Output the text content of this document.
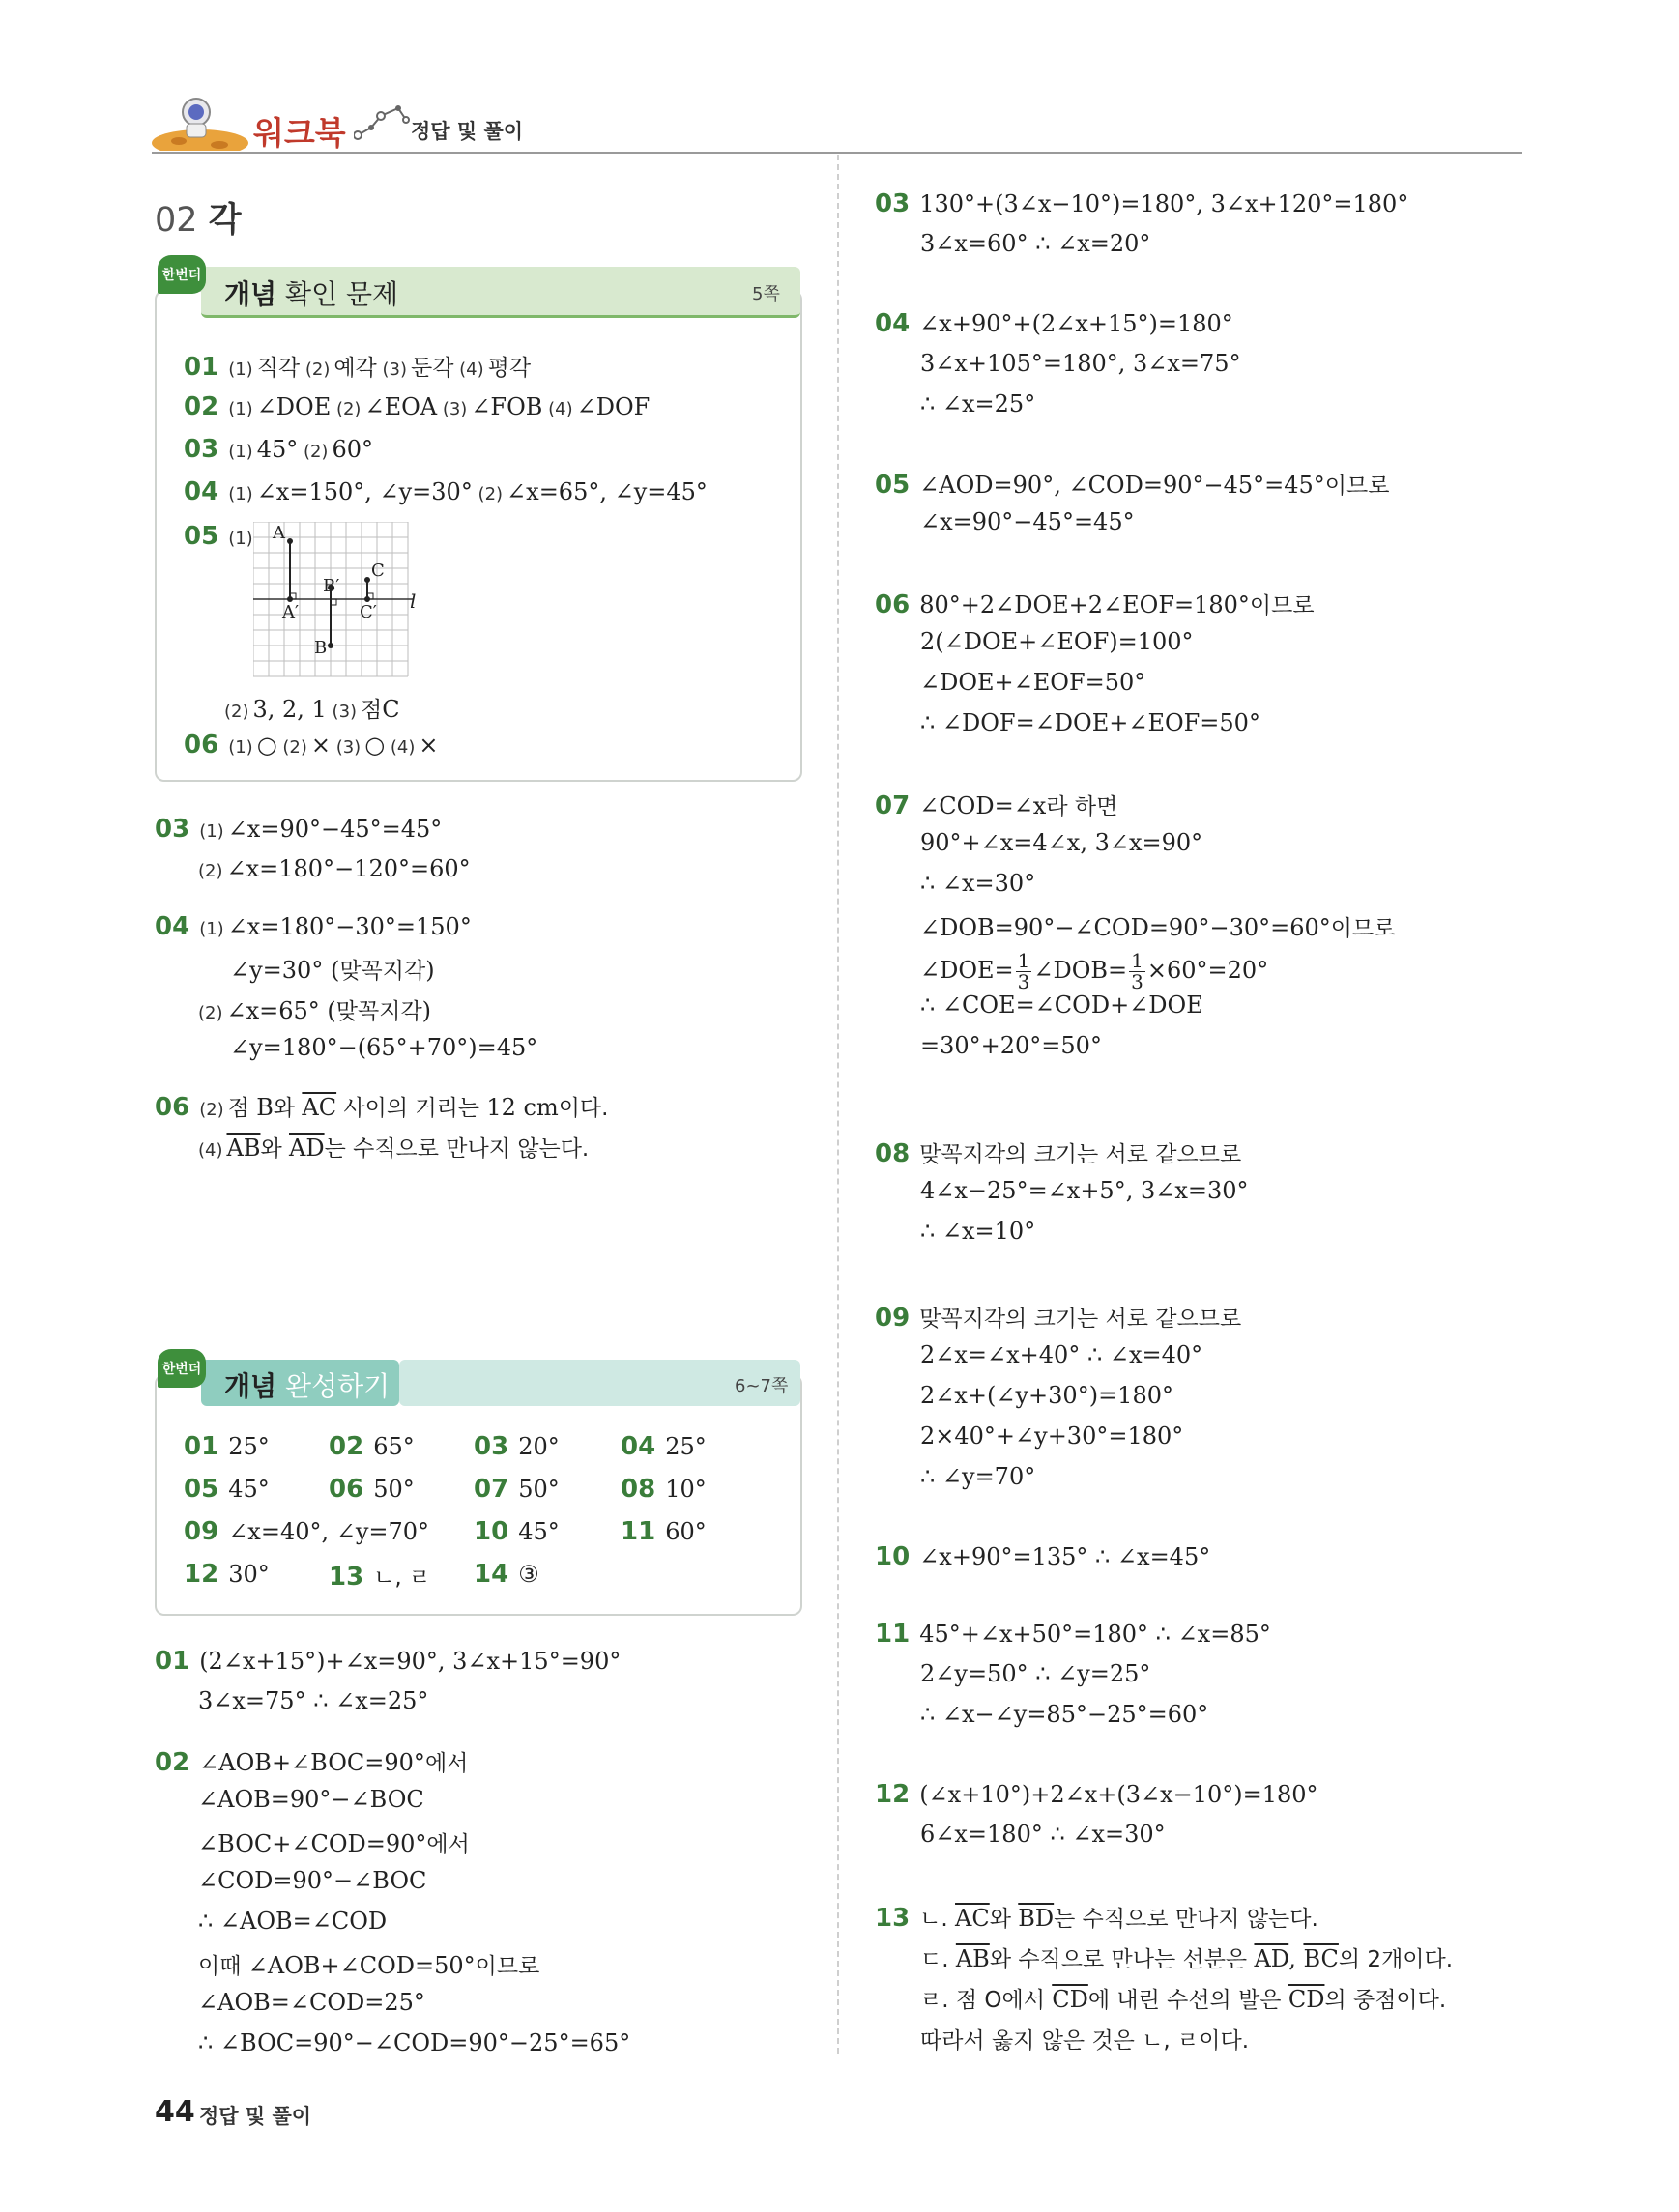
워크북	정답 및 풀이
02 각
한번더
개념 확인 문제	5쪽
01 (1) 직각 (2) 예각 (3) 둔각 (4) 평각
02 (1) ∠DOE (2) ∠EOA (3) ∠FOB (4) ∠DOF
03 (1) 45° (2) 60°
04 (1) ∠x=150°, ∠y=30° (2) ∠x=65°, ∠y=45°
05 (1) A
A′
B′
B
C
C′ l
(2) 3, 2, 1 (3) 점C
06 (1) ○ (2) × (3) ○ (4) ×
03 (1) ∠x=90°−45°=45°
(2) ∠x=180°−120°=60°
04 (1) ∠x=180°−30°=150°
∠y=30° (맞꼭지각)
(2) ∠x=65° (맞꼭지각)
∠y=180°−(65°+70°)=45°
06 (2) 점 B와 $\overline{AC}$ 사이의 거리는 12 cm이다.
(4) $\overline{AB}$와 $\overline{AD}$는 수직으로 만나지 않는다.
한번더
개념 완성하기	6~7쪽
01 25° 02 65° 03 20° 04 25°
05 45° 06 50° 07 50° 08 10°
09 ∠x=40°, ∠y=70° 10 45° 11 60°
12 30° 13 ㄴ, ㄹ 14 ③
01 (2∠x+15°)+∠x=90°, 3∠x+15°=90°
3∠x=75° ∴ ∠x=25°
02 ∠AOB+∠BOC=90°에서
∠AOB=90°−∠BOC
∠BOC+∠COD=90°에서
∠COD=90°−∠BOC
∴ ∠AOB=∠COD
이때 ∠AOB+∠COD=50°이므로
∠AOB=∠COD=25°
∴ ∠BOC=90°−∠COD=90°−25°=65°
03 130°+(3∠x−10°)=180°, 3∠x+120°=180°
3∠x=60° ∴ ∠x=20°
04 ∠x+90°+(2∠x+15°)=180°
3∠x+105°=180°, 3∠x=75°
∴ ∠x=25°
05 ∠AOD=90°, ∠COD=90°−45°=45°이므로
∠x=90°−45°=45°
06 80°+2∠DOE+2∠EOF=180°이므로
2(∠DOE+∠EOF)=100°
∠DOE+∠EOF=50°
∴ ∠DOF=∠DOE+∠EOF=50°
07 ∠COD=∠x라 하면
90°+∠x=4∠x, 3∠x=90°
∴ ∠x=30°
∠DOB=90°−∠COD=90°−30°=60°이므로
∠DOE= $\frac{1}{3}$ ∠DOB= $\frac{1}{3} \times 60^\circ=20^\circ$
∴ ∠COE=∠COD+∠DOE
=30°+20°=50°
08 맞꼭지각의 크기는 서로 같으므로
4∠x−25°=∠x+5°, 3∠x=30°
∴ ∠x=10°
09 맞꼭지각의 크기는 서로 같으므로
2∠x=∠x+40° ∴ ∠x=40°
2∠x+(∠y+30°)=180°
2×40°+∠y+30°=180°
∴ ∠y=70°
10 ∠x+90°=135° ∴ ∠x=45°
11 45°+∠x+50°=180° ∴ ∠x=85°
2∠y=50° ∴ ∠y=25°
∴ ∠x−∠y=85°−25°=60°
12 (∠x+10°)+2∠x+(3∠x−10°)=180°
6∠x=180° ∴ ∠x=30°
13 ㄴ. $\overline{AC}$와 $\overline{BD}$는 수직으로 만나지 않는다.
ㄷ. $\overline{AB}$와 수직으로 만나는 선분은 $\overline{AD}$, $\overline{BC}$의 2개이다.
ㄹ. 점 O에서 $\overline{CD}$에 내린 수선의 발은 $\overline{CD}$의 중점이다.
따라서 옳지 않은 것은 ㄴ, ㄹ이다.
44 정답 및 풀이
